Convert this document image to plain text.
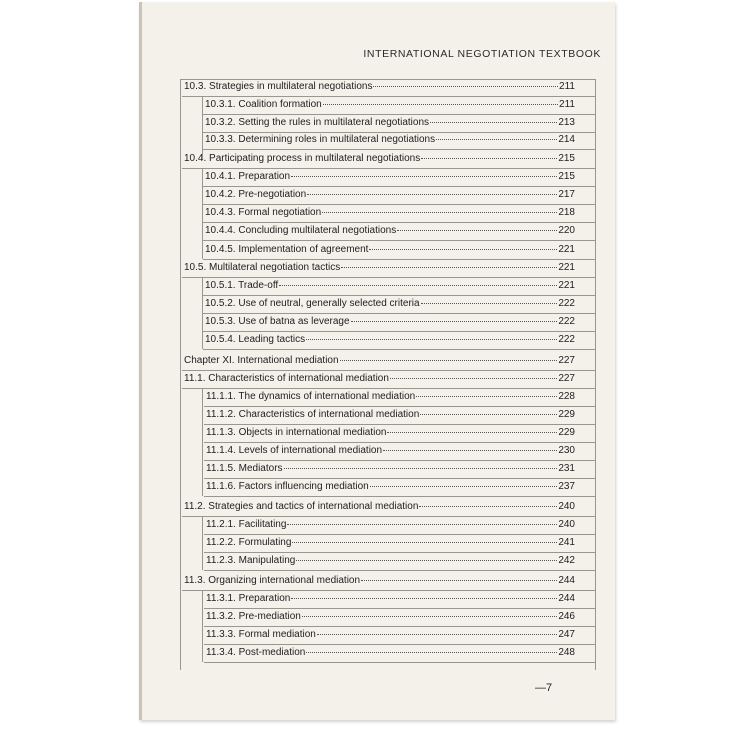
INTERNATIONAL NEGOTIATION TEXTBOOK
10.3. Strategies in multilateral negotiations	211
10.3.1. Coalition formation	211
10.3.2. Setting the rules in multilateral negotiations	213
10.3.3. Determining roles in multilateral negotiations	214
10.4. Participating process in multilateral negotiations	215
10.4.1. Preparation	215
10.4.2. Pre-negotiation	217
10.4.3. Formal negotiation	218
10.4.4. Concluding multilateral negotiations	220
10.4.5. Implementation of agreement	221
10.5. Multilateral negotiation tactics	221
10.5.1. Trade-off	221
10.5.2. Use of neutral, generally selected criteria	222
10.5.3. Use of batna as leverage	222
10.5.4. Leading tactics	222
Chapter XI. International mediation	227
11.1. Characteristics of international mediation	227
11.1.1. The dynamics of international mediation	228
11.1.2. Characteristics of international mediation	229
11.1.3. Objects in international mediation	229
11.1.4. Levels of international mediation	230
11.1.5. Mediators	231
11.1.6. Factors influencing mediation	237
11.2. Strategies and tactics of international mediation	240
11.2.1. Facilitating	240
11.2.2. Formulating	241
11.2.3. Manipulating	242
11.3. Organizing international mediation	244
11.3.1. Preparation	244
11.3.2. Pre-mediation	246
11.3.3. Formal mediation	247
11.3.4. Post-mediation	248
—7
